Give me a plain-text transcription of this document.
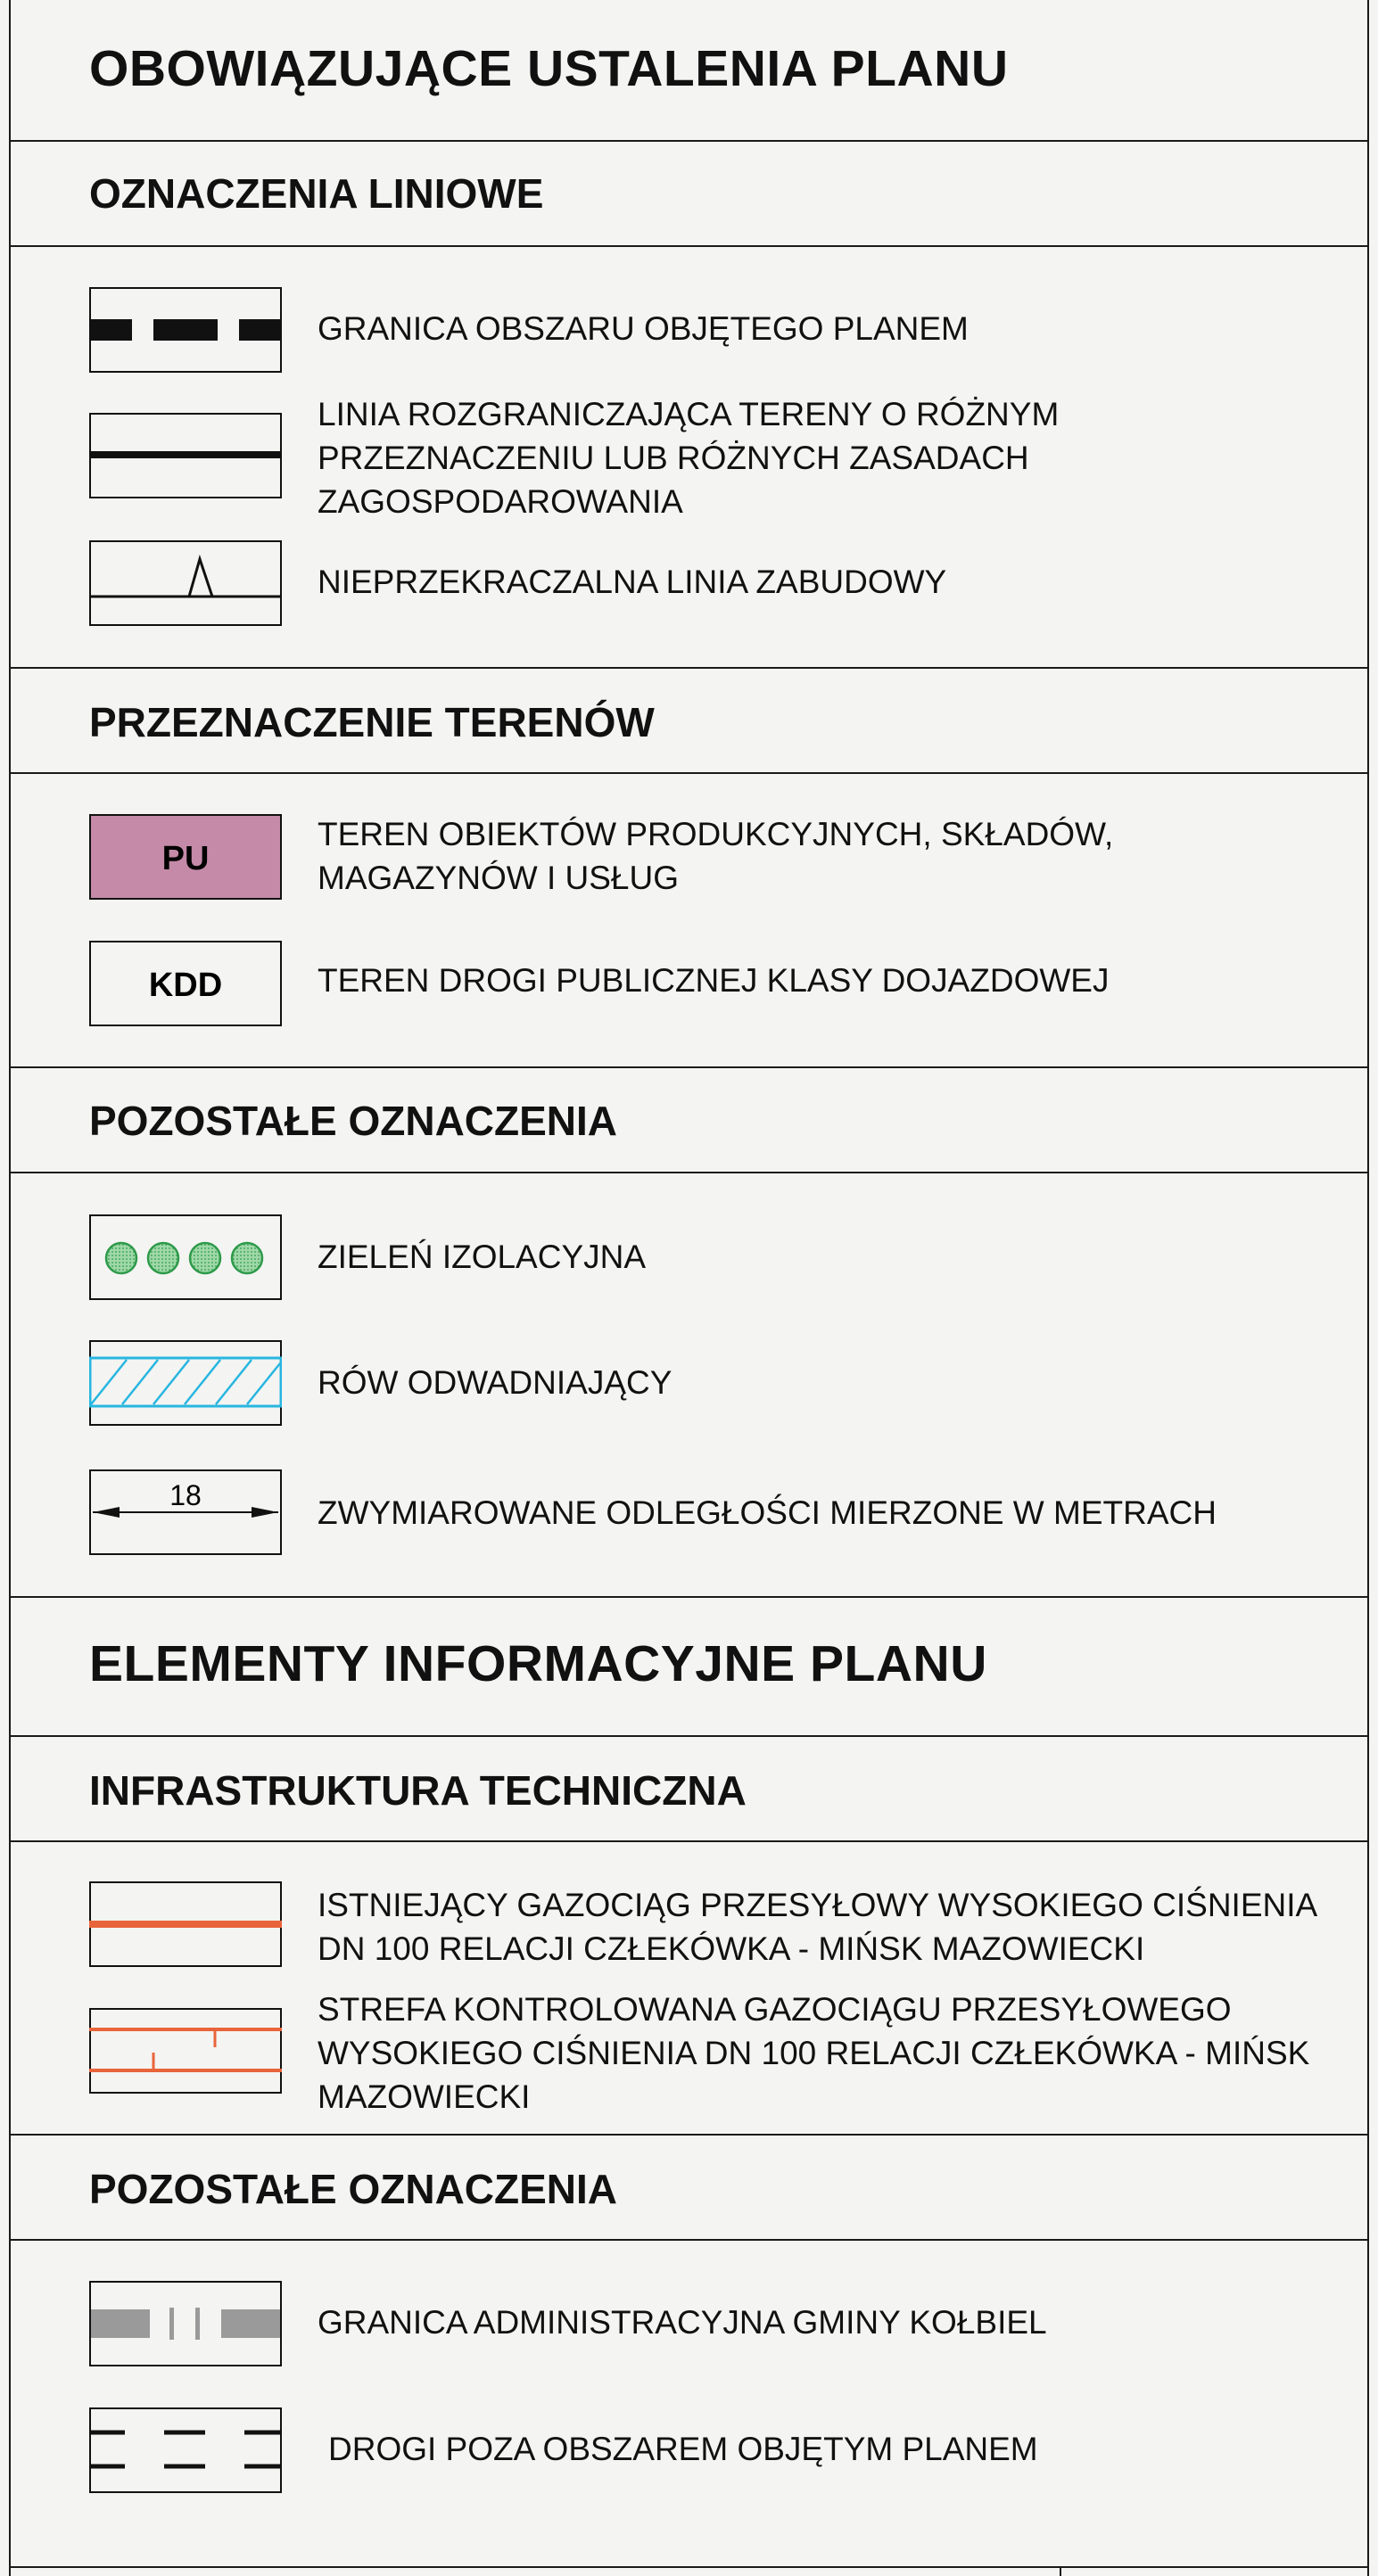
OBOWIĄZUJĄCE USTALENIA PLANU
OZNACZENIA LINIOWE
GRANICA OBSZARU OBJĘTEGO PLANEM
LINIA ROZGRANICZAJĄCA TERENY O RÓŻNYM
PRZEZNACZENIU LUB RÓŻNYCH ZASADACH
ZAGOSPODAROWANIA
NIEPRZEKRACZALNA LINIA ZABUDOWY
PRZEZNACZENIE TERENÓW
PU
TEREN OBIEKTÓW PRODUKCYJNYCH, SKŁADÓW,
MAGAZYNÓW I USŁUG
KDD	TEREN DROGI PUBLICZNEJ KLASY DOJAZDOWEJ
POZOSTAŁE OZNACZENIA
ZIELEŃ IZOLACYJNA
RÓW ODWADNIAJĄCY
18	ZWYMIAROWANE ODLEGŁOŚCI MIERZONE W METRACH
ELEMENTY INFORMACYJNE PLANU
INFRASTRUKTURA TECHNICZNA
ISTNIEJĄCY GAZOCIĄG PRZESYŁOWY WYSOKIEGO CIŚNIENIA
DN 100 RELACJI CZŁEKÓWKA - MIŃSK MAZOWIECKI
STREFA KONTROLOWANA GAZOCIĄGU PRZESYŁOWEGO
WYSOKIEGO CIŚNIENIA DN 100 RELACJI CZŁEKÓWKA - MIŃSK
MAZOWIECKI
POZOSTAŁE OZNACZENIA
GRANICA ADMINISTRACYJNA GMINY KOŁBIEL
DROGI POZA OBSZAREM OBJĘTYM PLANEM
